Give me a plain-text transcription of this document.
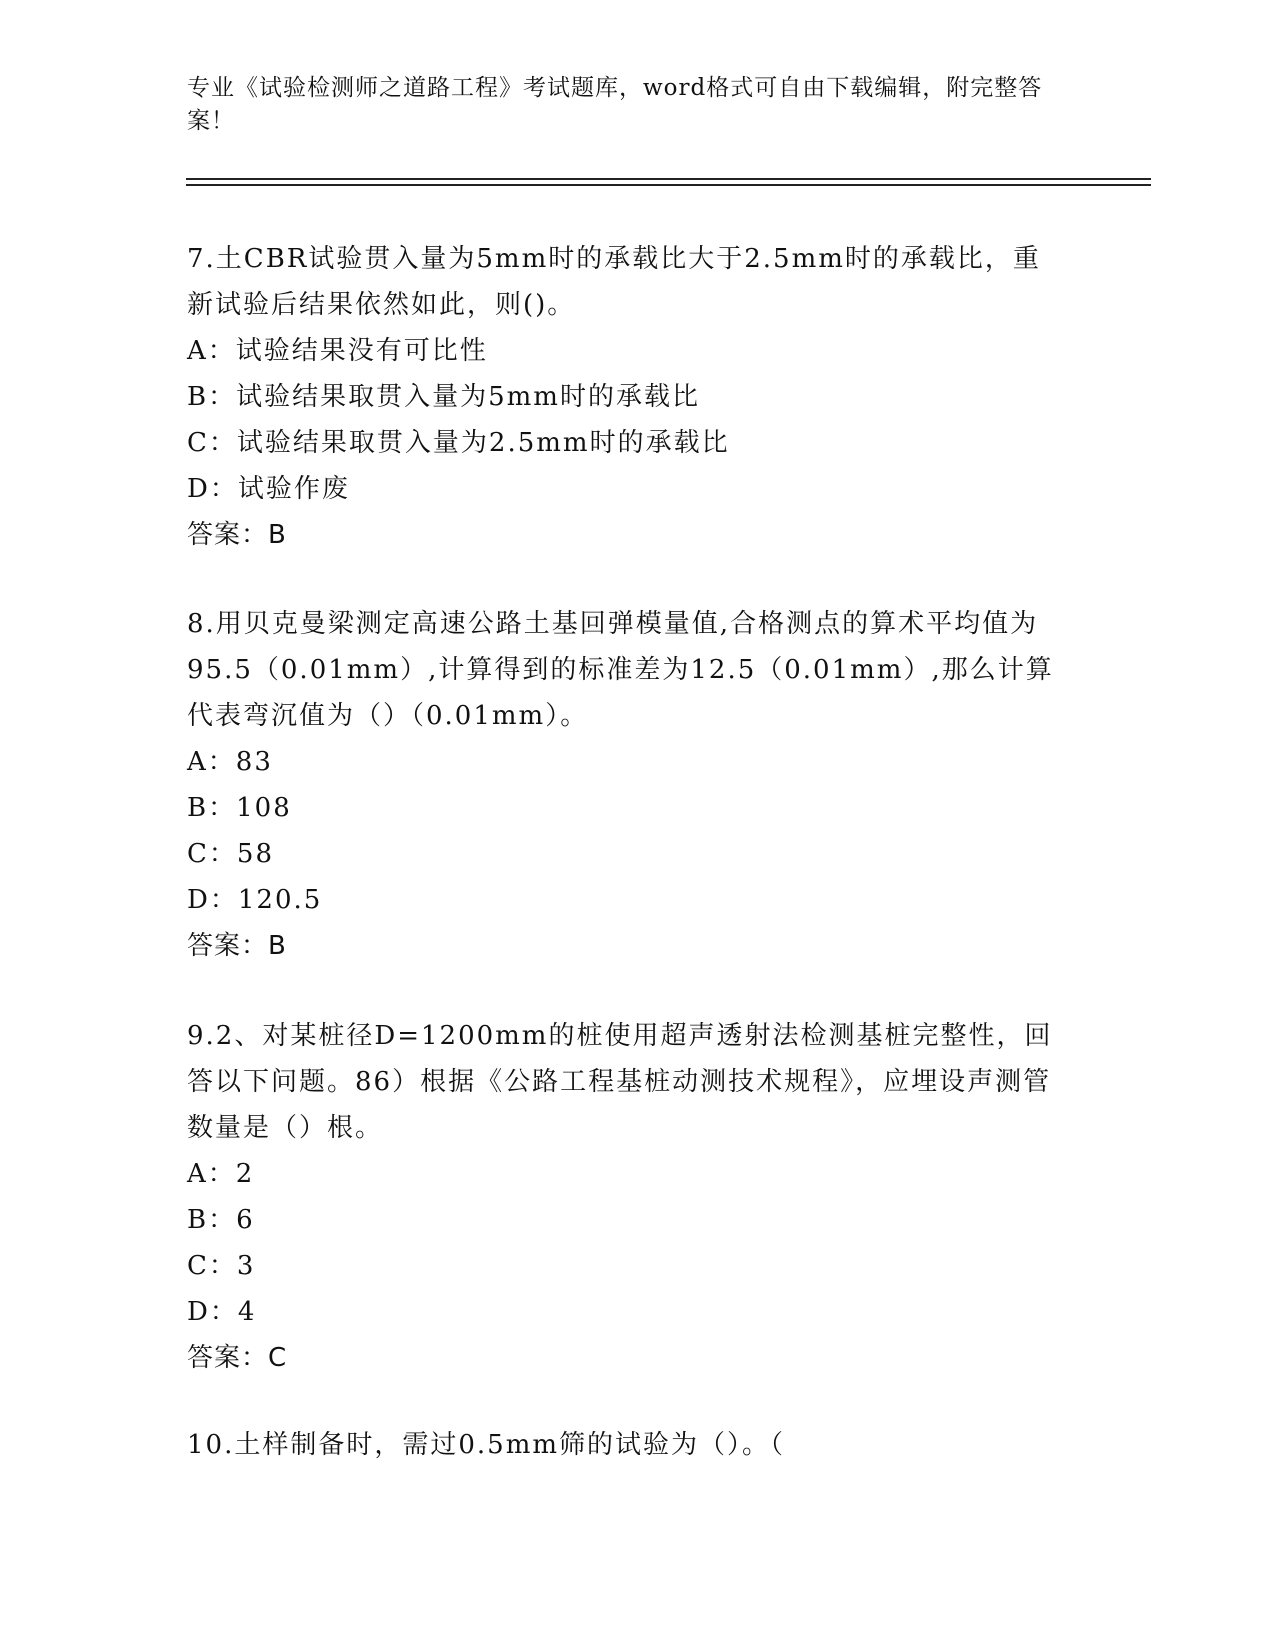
专业《试验检测师之道路工程》考试题库，word格式可自由下载编辑，附完整答案！

7.土CBR试验贯入量为5mm时的承载比大于2.5mm时的承载比，重新试验后结果依然如此，则()。

A：试验结果没有可比性

B：试验结果取贯入量为5mm时的承载比

C：试验结果取贯入量为2.5mm时的承载比

D：试验作废

答案：B

8.用贝克曼梁测定高速公路土基回弹模量值,合格测点的算术平均值为95.5（0.01mm）,计算得到的标准差为12.5（0.01mm）,那么计算代表弯沉值为（）（0.01mm）。

A：83

B：108

C：58

D：120.5

答案：B

9.2、对某桩径D=1200mm的桩使用超声透射法检测基桩完整性，回答以下问题。86）根据《公路工程基桩动测技术规程》，应埋设声测管数量是（）根。

A：2

B：6

C：3

D：4

答案：C

10.土样制备时，需过0.5mm筛的试验为（）。（
